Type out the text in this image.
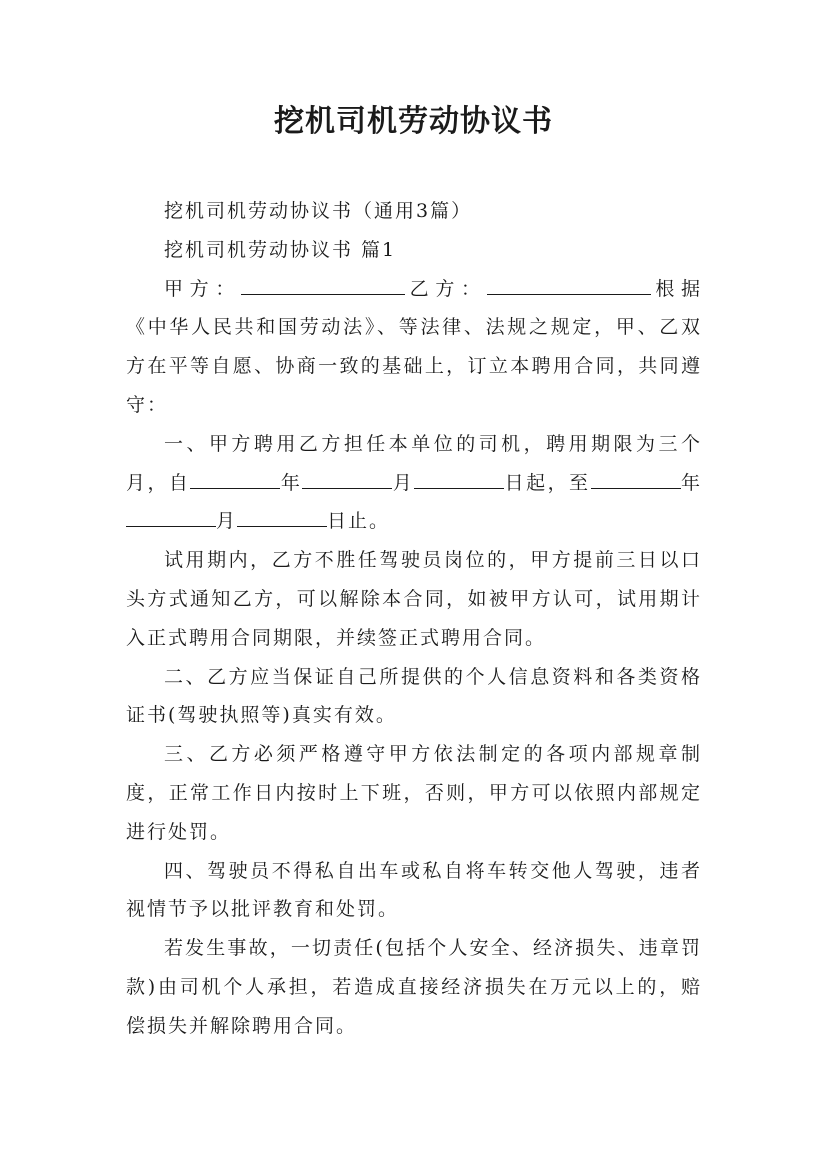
挖机司机劳动协议书

挖机司机劳动协议书（通用3篇）

挖机司机劳动协议书 篇1

甲方：	乙方：	根据《中华人民共和国劳动法》、等法律、法规之规定，甲、乙双方在平等自愿、协商一致的基础上，订立本聘用合同，共同遵守：

一、甲方聘用乙方担任本单位的司机，聘用期限为三个月，自	年	月	日起，至	年月	日止。

试用期内，乙方不胜任驾驶员岗位的，甲方提前三日以口头方式通知乙方，可以解除本合同，如被甲方认可，试用期计入正式聘用合同期限，并续签正式聘用合同。

二、乙方应当保证自己所提供的个人信息资料和各类资格证书(驾驶执照等)真实有效。

三、乙方必须严格遵守甲方依法制定的各项内部规章制度，正常工作日内按时上下班，否则，甲方可以依照内部规定进行处罚。

四、驾驶员不得私自出车或私自将车转交他人驾驶，违者视情节予以批评教育和处罚。

若发生事故，一切责任(包括个人安全、经济损失、违章罚款)由司机个人承担，若造成直接经济损失在万元以上的，赔偿损失并解除聘用合同。
